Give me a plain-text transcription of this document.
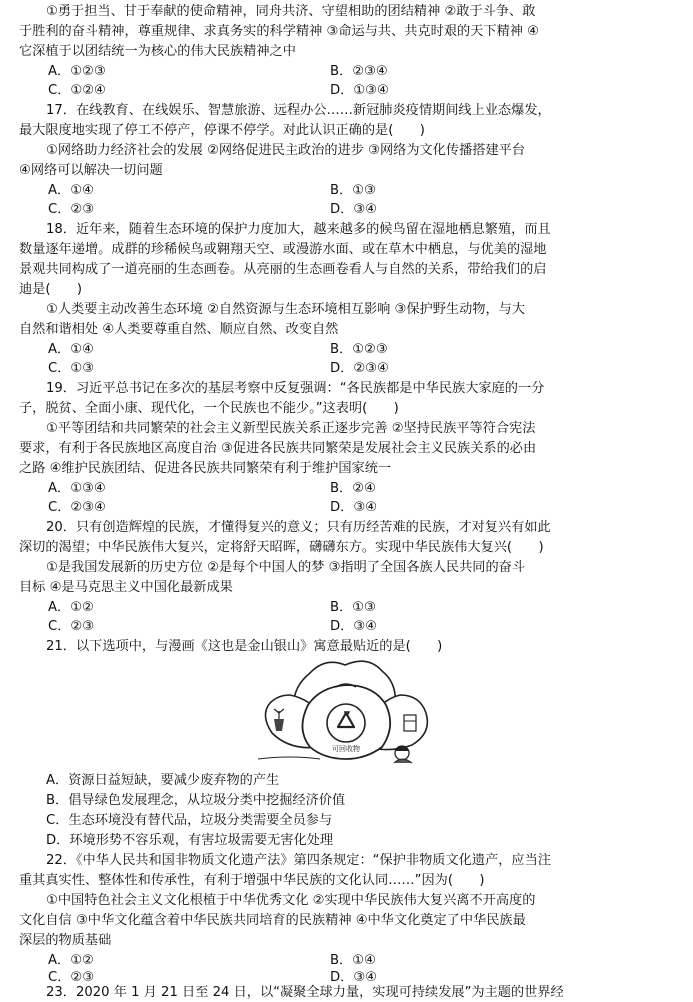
①勇于担当、甘于奉献的使命精神，同舟共济、守望相助的团结精神 ②敢于斗争、敢
于胜利的奋斗精神，尊重规律、求真务实的科学精神 ③命运与共、共克时艰的天下精神 ④
它深植于以团结统一为核心的伟大民族精神之中
A．①②③	B．②③④
C．①②④	D．①③④
17．在线教育、在线娱乐、智慧旅游、远程办公……新冠肺炎疫情期间线上业态爆发，
最大限度地实现了停工不停产，停课不停学。对此认识正确的是(　　)
①网络助力经济社会的发展 ②网络促进民主政治的进步 ③网络为文化传播搭建平台
④网络可以解决一切问题
A．①④	B．①③
C．②③	D．③④
18．近年来，随着生态环境的保护力度加大，越来越多的候鸟留在湿地栖息繁殖，而且
数量逐年递增。成群的珍稀候鸟或翱翔天空、或漫游水面、或在草木中栖息，与优美的湿地
景观共同构成了一道亮丽的生态画卷。从亮丽的生态画卷看人与自然的关系，带给我们的启
迪是(　　)
①人类要主动改善生态环境 ②自然资源与生态环境相互影响 ③保护野生动物，与大
自然和谐相处 ④人类要尊重自然、顺应自然、改变自然
A．①④	B．①②③
C．①③	D．②③④
19．习近平总书记在多次的基层考察中反复强调：“各民族都是中华民族大家庭的一分
子，脱贫、全面小康、现代化，一个民族也不能少。”这表明(　　)
①平等团结和共同繁荣的社会主义新型民族关系正逐步完善 ②坚持民族平等符合宪法
要求，有利于各民族地区高度自治 ③促进各民族共同繁荣是发展社会主义民族关系的必由
之路 ④维护民族团结、促进各民族共同繁荣有利于维护国家统一
A．①③④	B．②④
C．②③④	D．③④
20．只有创造辉煌的民族，才懂得复兴的意义；只有历经苦难的民族，才对复兴有如此
深切的渴望；中华民族伟大复兴，定将舒天昭晖，礴礴东方。实现中华民族伟大复兴(　　)
①是我国发展新的历史方位 ②是每个中国人的梦 ③指明了全国各族人民共同的奋斗
目标 ④是马克思主义中国化最新成果
A．①②	B．①③
C．②③	D．③④
21．以下选项中，与漫画《这也是金山银山》寓意最贴近的是(　　)
可回收物
A．资源日益短缺，要减少废弃物的产生
B．倡导绿色发展理念，从垃圾分类中挖掘经济价值
C．生态环境没有替代品，垃圾分类需要全员参与
D．环境形势不容乐观，有害垃圾需要无害化处理
22．《中华人民共和国非物质文化遗产法》第四条规定：“保护非物质文化遗产，应当注
重其真实性、整体性和传承性，有利于增强中华民族的文化认同……”因为(　　)
①中国特色社会主义文化根植于中华优秀文化 ②实现中华民族伟大复兴离不开高度的
文化自信 ③中华文化蕴含着中华民族共同培育的民族精神 ④中华文化奠定了中华民族最
深层的物质基础
A．①②	B．①④
C．②③	D．③④
23．2020 年 1 月 21 日至 24 日，以“凝聚全球力量，实现可持续发展”为主题的世界经
